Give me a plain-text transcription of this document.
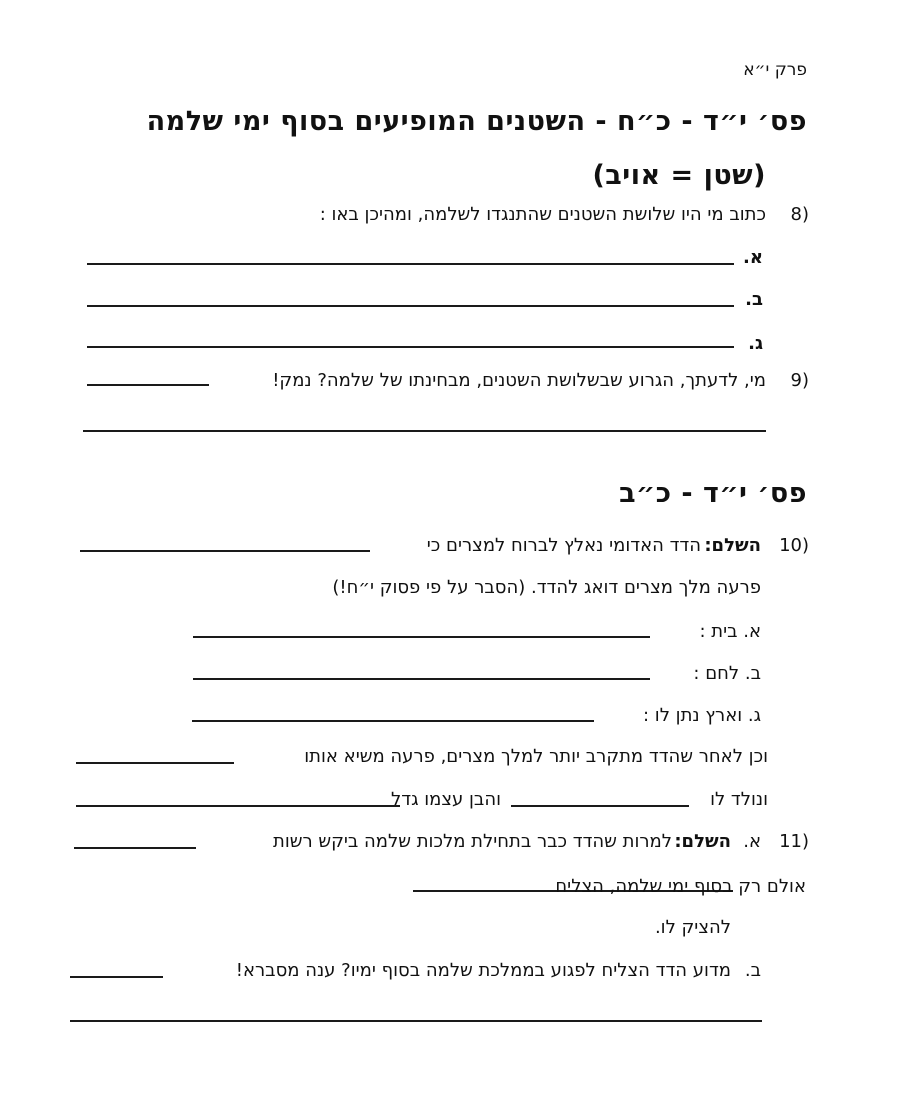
פרק י״א
פס׳ י״ד - כ״ח - השטנים המופיעים בסוף ימי שלמה
(שטן = אויב)
8)
כתוב מי היו שלושת השטנים שהתנגדו לשלמה, ומהיכן באו :
א.
ב.
ג.
9)
מי, לדעתך, הגרוע שבשלושת השטנים, מבחינתו של שלמה? נמק!
פס׳ י״ד - כ״ב
10)
השלם:
הדד האדומי נאלץ לברוח למצרים כי
פרעה מלך מצרים דואג להדד. (הסבר על פי פסוק י״ח!)
א. בית :
ב. לחם :
ג. וארץ נתן לו :
וכן לאחר שהדד מתקרב יותר למלך מצרים, פרעה משיא אותו
ונולד לו
והבן עצמו גדל
11)
א.
השלם:
למרות שהדד כבר בתחילת מלכות שלמה ביקש רשות
אולם רק בסוף ימי שלמה, הצליח
להציק לו.
ב.
מדוע הדד הצליח לפגוע בממלכת שלמה בסוף ימיו? ענה מסברא!
